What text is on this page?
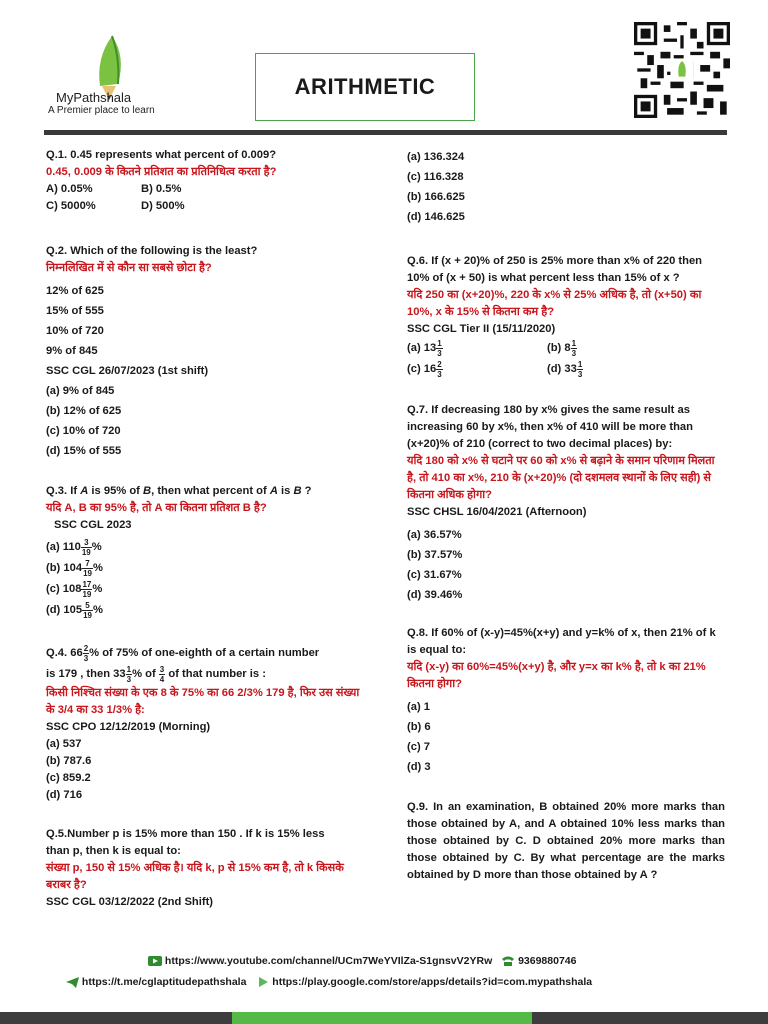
MyPathshala
A Premier place to learn
ARITHMETIC
Q.1. 0.45 represents what percent of 0.009?
0.45, 0.009 के कितने प्रतिशत का प्रतिनिधित्व करता है?
A) 0.05%	B) 0.5%
C) 5000%	D) 500%
Q.2. Which of the following is the least?
निम्नलिखित में से कौन सा सबसे छोटा है?
12% of 625
15% of 555
10% of 720
9% of 845
SSC CGL 26/07/2023 (1st shift)
(a) 9% of 845
(b) 12% of 625
(c) 10% of 720
(d) 15% of 555
Q.3. If A is 95% of B, then what percent of A is B ?
यदि A, B का 95% है, तो A का कितना प्रतिशत B है?
SSC CGL 2023
(a) $110 \frac{3}{19}$ %
(b) $104 \frac{7}{19}$ %
(c) $108 \frac{17}{19}$ %
(d) $105 \frac{5}{19}$ %
Q.4. $66 \frac{2}{3}$ % of 75% of one-eighth of a certain number
is 179 , then $33 \frac{1}{3}$ % of $\frac{3}{4}$ of that number is :
किसी निश्चित संख्या के एक 8 के 75% का 66 2/3% 179 है, फिर उस संख्या के 3/4 का 33 1/3% है:
SSC CPO 12/12/2019 (Morning)
(a) 537
(b) 787.6
(c) 859.2
(d) 716
Q.5.Number p is 15% more than 150 . If k is 15% less than p, then k is equal to:
संख्या p, 150 से 15% अधिक है। यदि k, p से 15% कम है, तो k किसके बराबर है?
SSC CGL 03/12/2022 (2nd Shift)
(a) 136.324
(c) 116.328
(b) 166.625
(d) 146.625
Q.6. If (x + 20)% of 250 is 25% more than x% of 220 then 10% of (x + 50) is what percent less than 15% of x ?
यदि 250 का (x+20)%, 220 के x% से 25% अधिक है, तो (x+50) का 10%, x के 15% से कितना कम है?
SSC CGL Tier II (15/11/2020)
(a) $13 \frac{1}{3}$	(b) $8 \frac{1}{3}$
(c) $16 \frac{2}{3}$	(d) $33 \frac{1}{3}$
Q.7. If decreasing 180 by x% gives the same result as increasing 60 by x%, then x% of 410 will be more than (x+20)% of 210 (correct to two decimal places) by:
यदि 180 को x% से घटाने पर 60 को x% से बढ़ाने के समान परिणाम मिलता है, तो 410 का x%, 210 के (x+20)% (दो दशमलव स्थानों के लिए सही) से कितना अधिक होगा?
SSC CHSL 16/04/2021 (Afternoon)
(a) 36.57%
(b) 37.57%
(c) 31.67%
(d) 39.46%
Q.8. If 60% of (x-y)=45%(x+y) and y=k% of x, then 21% of k is equal to:
यदि (x-y) का 60%=45%(x+y) है, और y=x का k% है, तो k का 21% कितना होगा?
(a) 1
(b) 6
(c) 7
(d) 3
Q.9. In an examination, B obtained 20% more marks than those obtained by A, and A obtained 10% less marks than those obtained by C. D obtained 20% more marks than those obtained by C. By what percentage are the marks obtained by D more than those obtained by A ?
https://www.youtube.com/channel/UCm7WeYVIlZa-S1gnsvV2YRw 9369880746
https://t.me/cglaptitudepathshala https://play.google.com/store/apps/details?id=com.mypathshala
